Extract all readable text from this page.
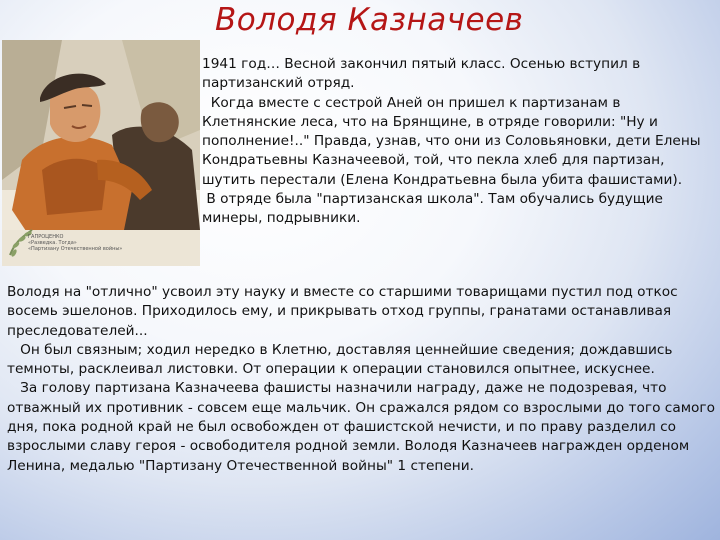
Володя Казначеев
ГАПРОЦЕНКО
«Разведка. Тогда»
«Партизану Отечественной войны»

1941 год… Весной закончил пятый класс. Осенью вступил в партизанский отряд.

Когда вместе с сестрой Аней он пришел к партизанам в Клетнянские леса, что на Брянщине, в отряде говорили: "Ну и пополнение!.." Правда, узнав, что они из Соловьяновки, дети Елены Кондратьевны Казначеевой, той, что пекла хлеб для партизан, шутить перестали (Елена Кондратьевна была убита фашистами).

В отряде была "партизанская школа". Там обучались будущие минеры, подрывники.

Володя на "отлично" усвоил эту науку и вместе со старшими товарищами пустил под откос восемь эшелонов. Приходилось ему, и прикрывать отход группы, гранатами останавливая преследователей...

Он был связным; ходил нередко в Клетню, доставляя ценнейшие сведения; дождавшись темноты, расклеивал листовки. От операции к операции становился опытнее, искуснее.

За голову партизана Казначеева фашисты назначили награду, даже не подозревая, что отважный их противник - совсем еще мальчик. Он сражался рядом со взрослыми до того самого дня, пока родной край не был освобожден от фашистской нечисти, и по праву разделил со взрослыми славу героя - освободителя родной земли. Володя Казначеев награжден орденом Ленина, медалью "Партизану Отечественной войны" 1 степени.
